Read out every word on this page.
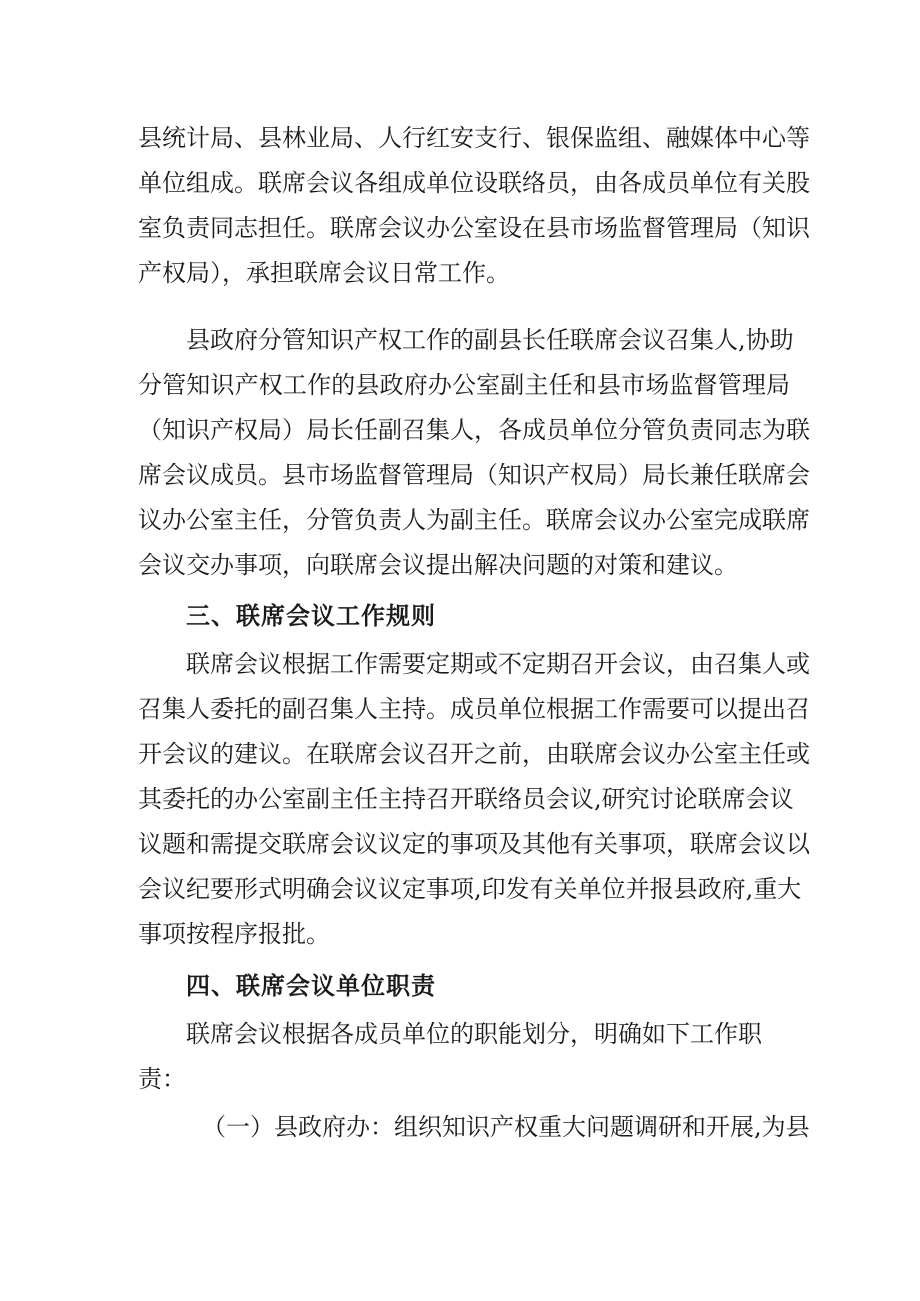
县统计局、县林业局、人行红安支行、银保监组、融媒体中心等
单位组成。联席会议各组成单位设联络员，由各成员单位有关股
室负责同志担任。联席会议办公室设在县市场监督管理局（知识
产权局），承担联席会议日常工作。
县政府分管知识产权工作的副县长任联席会议召集人,协助
分管知识产权工作的县政府办公室副主任和县市场监督管理局
（知识产权局）局长任副召集人，各成员单位分管负责同志为联
席会议成员。县市场监督管理局（知识产权局）局长兼任联席会
议办公室主任，分管负责人为副主任。联席会议办公室完成联席
会议交办事项，向联席会议提出解决问题的对策和建议。
三、联席会议工作规则
联席会议根据工作需要定期或不定期召开会议，由召集人或
召集人委托的副召集人主持。成员单位根据工作需要可以提出召
开会议的建议。在联席会议召开之前，由联席会议办公室主任或
其委托的办公室副主任主持召开联络员会议,研究讨论联席会议
议题和需提交联席会议议定的事项及其他有关事项，联席会议以
会议纪要形式明确会议议定事项,印发有关单位并报县政府,重大
事项按程序报批。
四、联席会议单位职责
联席会议根据各成员单位的职能划分，明确如下工作职
责：
（一）县政府办：组织知识产权重大问题调研和开展,为县
